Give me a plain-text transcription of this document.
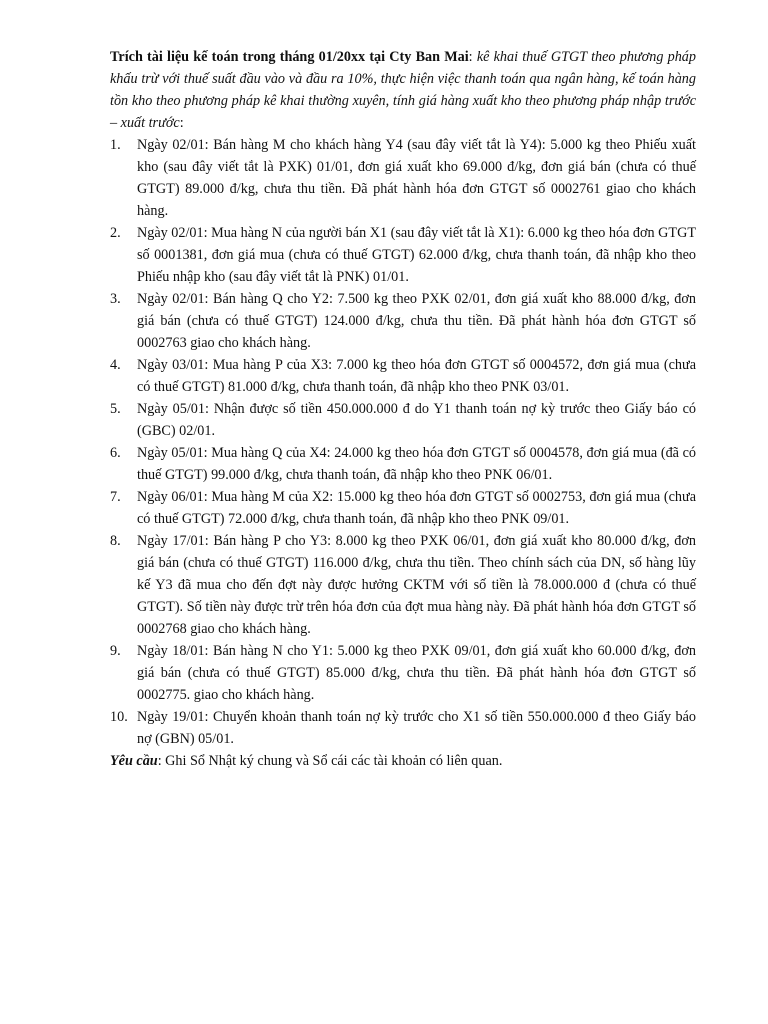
Trích tài liệu kế toán trong tháng 01/20xx tại Cty Ban Mai: kê khai thuế GTGT theo phương pháp khấu trừ với thuế suất đầu vào và đầu ra 10%, thực hiện việc thanh toán qua ngân hàng, kế toán hàng tồn kho theo phương pháp kê khai thường xuyên, tính giá hàng xuất kho theo phương pháp nhập trước – xuất trước:

1. Ngày 02/01: Bán hàng M cho khách hàng Y4 (sau đây viết tắt là Y4): 5.000 kg theo Phiếu xuất kho (sau đây viết tắt là PXK) 01/01, đơn giá xuất kho 69.000 đ/kg, đơn giá bán (chưa có thuế GTGT) 89.000 đ/kg, chưa thu tiền. Đã phát hành hóa đơn GTGT số 0002761 giao cho khách hàng.
2. Ngày 02/01: Mua hàng N của người bán X1 (sau đây viết tắt là X1): 6.000 kg theo hóa đơn GTGT số 0001381, đơn giá mua (chưa có thuế GTGT) 62.000 đ/kg, chưa thanh toán, đã nhập kho theo Phiếu nhập kho (sau đây viết tắt là PNK) 01/01.
3. Ngày 02/01: Bán hàng Q cho Y2: 7.500 kg theo PXK 02/01, đơn giá xuất kho 88.000 đ/kg, đơn giá bán (chưa có thuế GTGT) 124.000 đ/kg, chưa thu tiền. Đã phát hành hóa đơn GTGT số 0002763 giao cho khách hàng.
4. Ngày 03/01: Mua hàng P của X3: 7.000 kg theo hóa đơn GTGT số 0004572, đơn giá mua (chưa có thuế GTGT) 81.000 đ/kg, chưa thanh toán, đã nhập kho theo PNK 03/01.
5. Ngày 05/01: Nhận được số tiền 450.000.000 đ do Y1 thanh toán nợ kỳ trước theo Giấy báo có (GBC) 02/01.
6. Ngày 05/01: Mua hàng Q của X4: 24.000 kg theo hóa đơn GTGT số 0004578, đơn giá mua (đã có thuế GTGT) 99.000 đ/kg, chưa thanh toán, đã nhập kho theo PNK 06/01.
7. Ngày 06/01: Mua hàng M của X2: 15.000 kg theo hóa đơn GTGT số 0002753, đơn giá mua (chưa có thuế GTGT) 72.000 đ/kg, chưa thanh toán, đã nhập kho theo PNK 09/01.
8. Ngày 17/01: Bán hàng P cho Y3: 8.000 kg theo PXK 06/01, đơn giá xuất kho 80.000 đ/kg, đơn giá bán (chưa có thuế GTGT) 116.000 đ/kg, chưa thu tiền. Theo chính sách của DN, số hàng lũy kế Y3 đã mua cho đến đợt này được hưởng CKTM với số tiền là 78.000.000 đ (chưa có thuế GTGT). Số tiền này được trừ trên hóa đơn của đợt mua hàng này. Đã phát hành hóa đơn GTGT số 0002768 giao cho khách hàng.
9. Ngày 18/01: Bán hàng N cho Y1: 5.000 kg theo PXK 09/01, đơn giá xuất kho 60.000 đ/kg, đơn giá bán (chưa có thuế GTGT) 85.000 đ/kg, chưa thu tiền. Đã phát hành hóa đơn GTGT số 0002775. giao cho khách hàng.
10. Ngày 19/01: Chuyển khoản thanh toán nợ kỳ trước cho X1 số tiền 550.000.000 đ theo Giấy báo nợ (GBN) 05/01.

Yêu cầu: Ghi Sổ Nhật ký chung và Sổ cái các tài khoản có liên quan.
